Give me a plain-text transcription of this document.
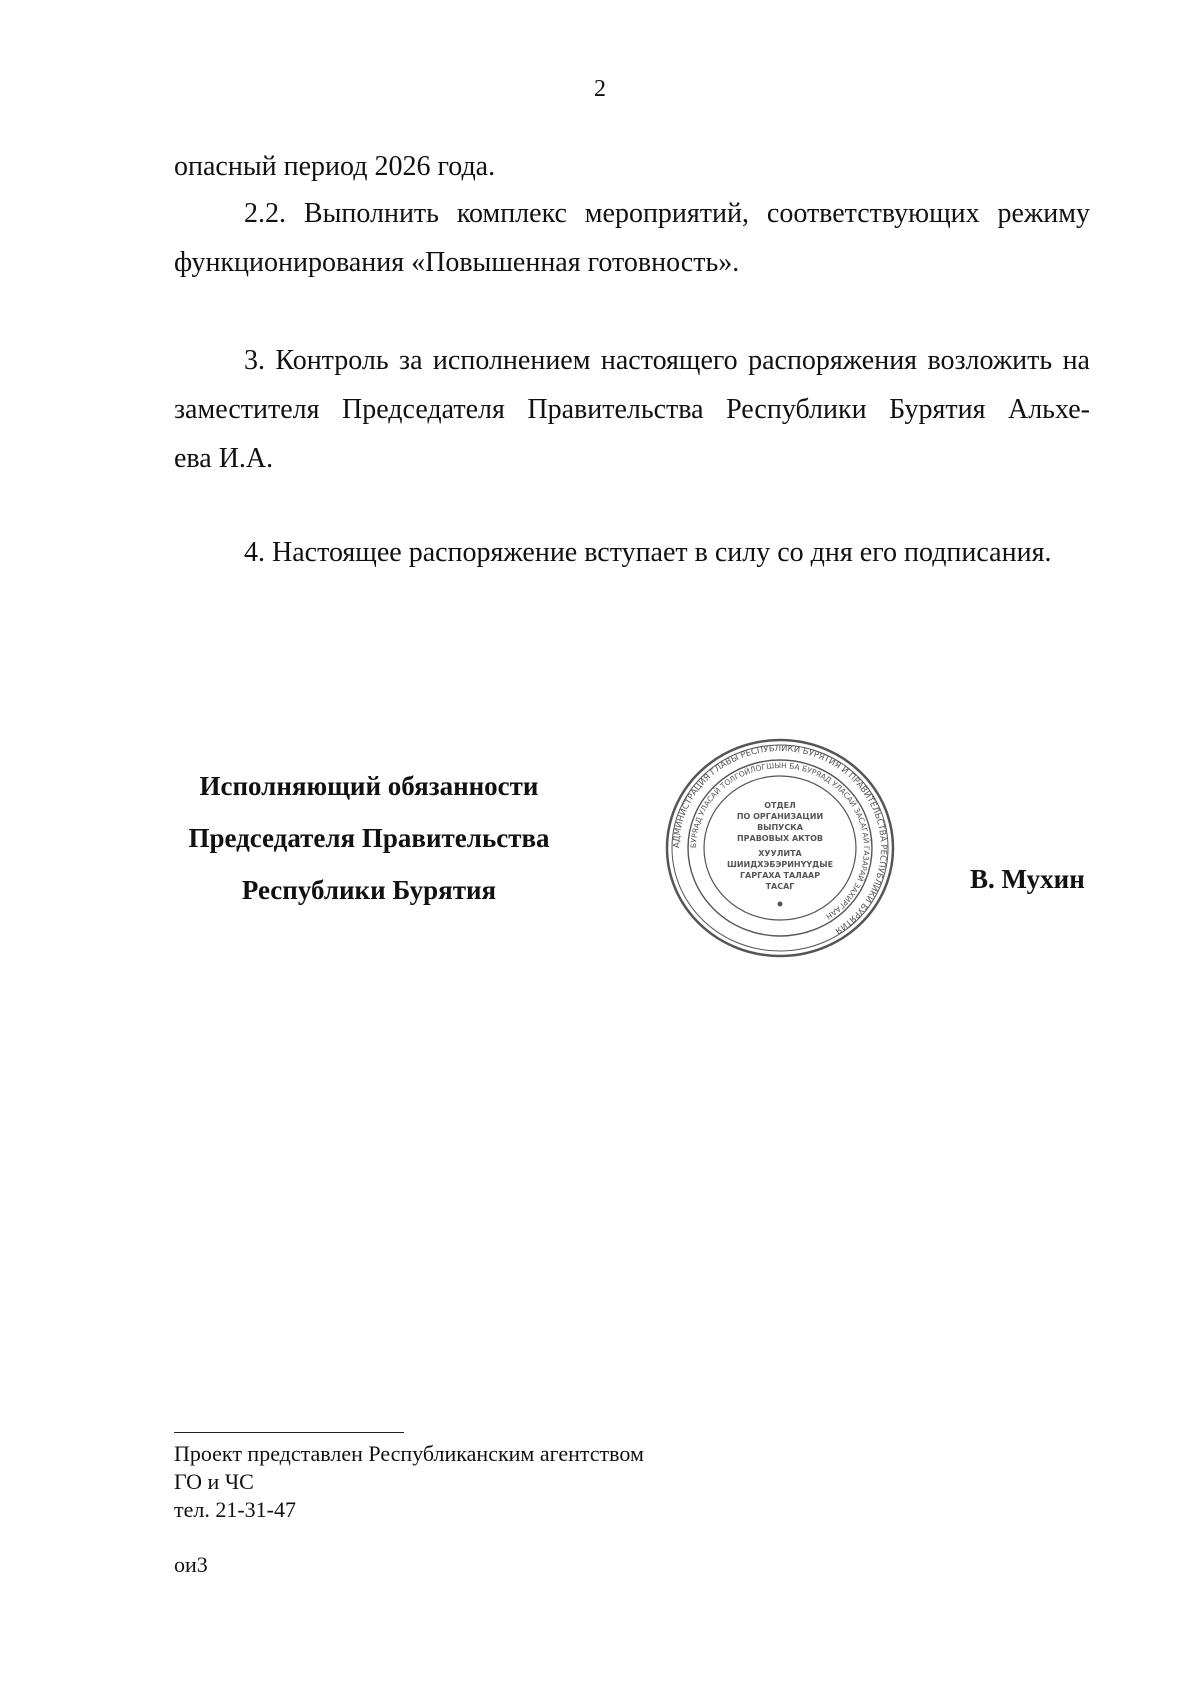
2

опасный период 2026 года.

2.2. Выполнить комплекс мероприятий, соответствующих режиму
функционирования «Повышенная готовность».

3. Контроль за исполнением настоящего распоряжения возложить на
заместителя Председателя Правительства Республики Бурятия Альхе-
ева И.А.

4. Настоящее распоряжение вступает в силу со дня его подписания.

Исполняющий обязанности
Председателя Правительства
Республики Бурятия
АДМИНИСТРАЦИЯ ГЛАВЫ РЕСПУБЛИКИ БУРЯТИЯ И ПРАВИТЕЛЬСТВА РЕСПУБЛИКИ БУРЯТИЯ
БУРЯАД УЛАСАЙ ТОЛГОЙЛОГШЫН БА БУРЯАД УЛАСАЙ ЗАСАГАЙ ГАЗАРАЙ ЗАХИРГААН
ОТДЕЛ
ПО ОРГАНИЗАЦИИ
ВЫПУСКА
ПРАВОВЫХ АКТОВ
ХУУЛИТА
ШИИДХЭБЭРИНҮҮДЫЕ
ГАРГАХА ТАЛААР
ТАСАГ	В. Мухин
Проект представлен Республиканским агентством
ГО и ЧС
тел. 21-31-47
ои3
